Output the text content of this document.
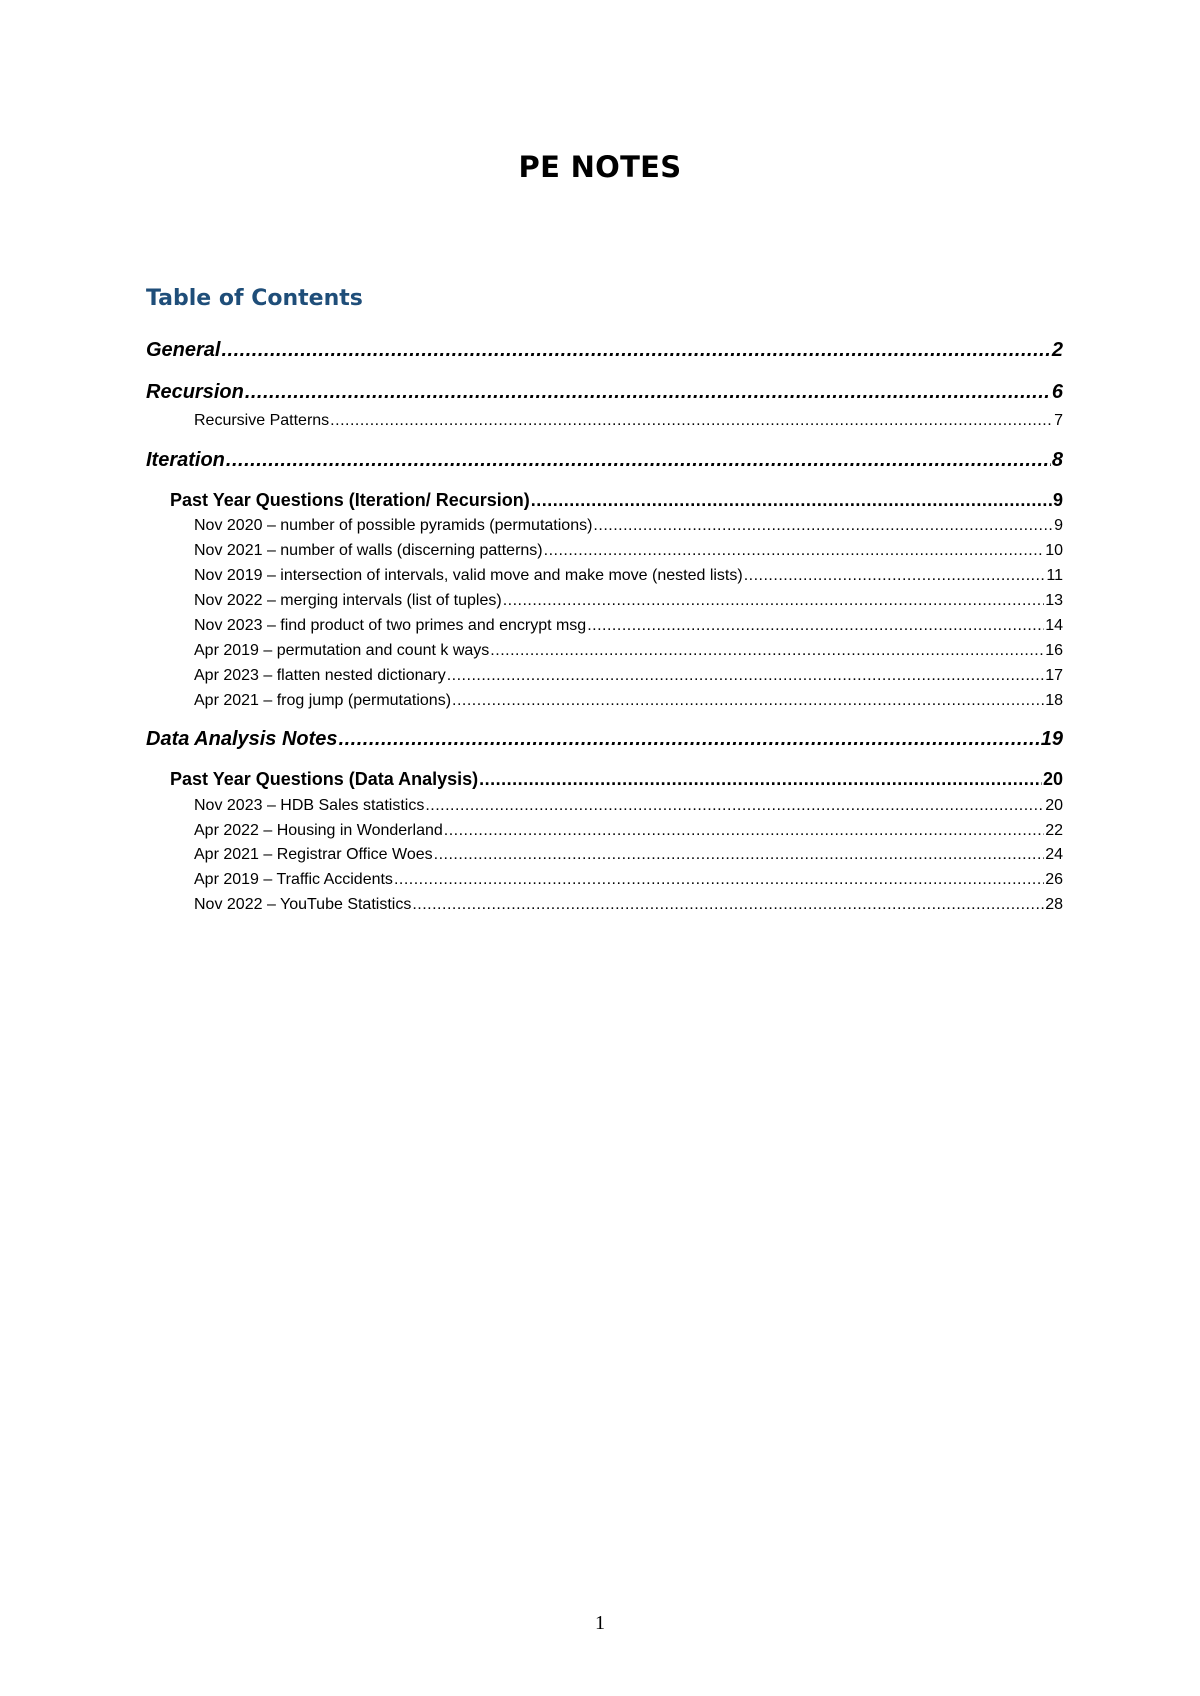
PE NOTES
Table of Contents
General .....	2
Recursion .....	6
Recursive Patterns .....	7
Iteration .....	8
Past Year Questions (Iteration/ Recursion) .....	9
Nov 2020 – number of possible pyramids (permutations) .....	9
Nov 2021 – number of walls (discerning patterns) .....	10
Nov 2019 – intersection of intervals, valid move and make move (nested lists) .....	11
Nov 2022 – merging intervals (list of tuples) .....	13
Nov 2023 – find product of two primes and encrypt msg .....	14
Apr 2019 – permutation and count k ways .....	16
Apr 2023 – flatten nested dictionary .....	17
Apr 2021 – frog jump (permutations) .....	18
Data Analysis Notes .....	19
Past Year Questions (Data Analysis) .....	20
Nov 2023 – HDB Sales statistics .....	20
Apr 2022 – Housing in Wonderland .....	22
Apr 2021 – Registrar Office Woes .....	24
Apr 2019 – Traffic Accidents .....	26
Nov 2022 – YouTube Statistics .....	28
1
